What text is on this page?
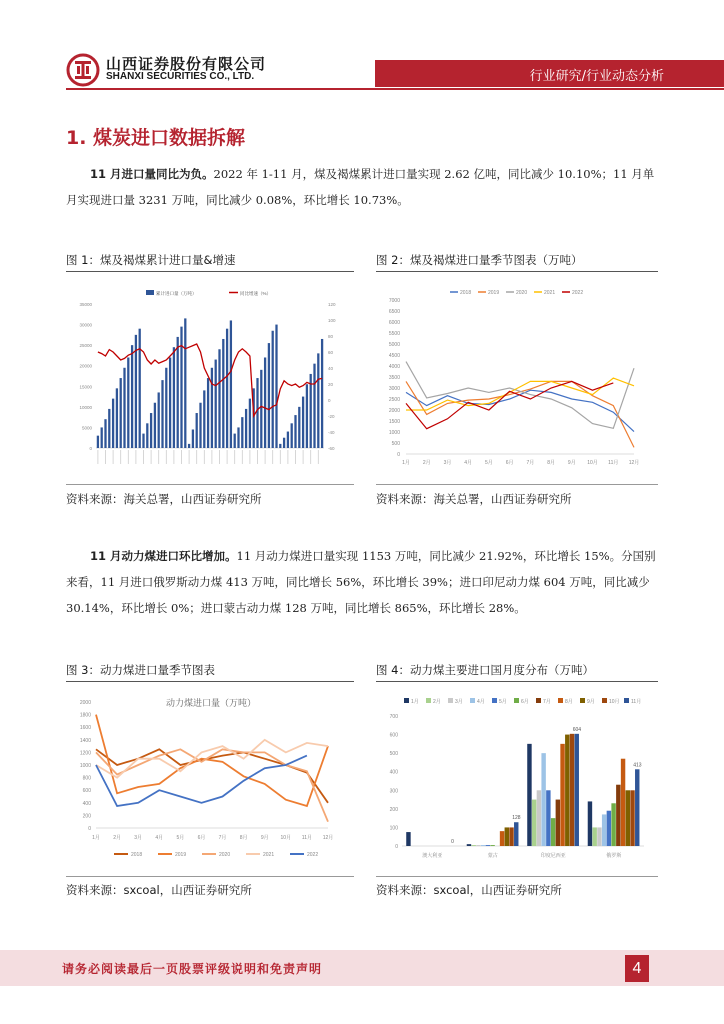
山西证券股份有限公司
SHANXI SECURITIES CO., LTD.	行业研究/行业动态分析
1. 煤炭进口数据拆解

11 月进口量同比为负。2022 年 1-11 月，煤及褐煤累计进口量实现 2.62 亿吨，同比减少 10.10%；11 月单月实现进口量 3231 万吨，同比减少 0.08%，环比增长 10.73%。

图 1：煤及褐煤累计进口量&增速	图 2：煤及褐煤进口量季节图表（万吨）
累计进口量（万吨）	同比增速（%）
0
5000
10000
15000
20000
25000
30000
35000
-60
-40
-20
0
20
40
60
80
100
120
2018	2019	2020	2021	2022
0
500
1000
1500
2000
2500
3000
3500
4000
4500
5000
5500
6000
6500
7000
1月	2月	3月	4月	5月	6月	7月	8月	9月 10月 11月 12月
资料来源：海关总署，山西证券研究所	资料来源：海关总署，山西证券研究所

11 月动力煤进口环比增加。11 月动力煤进口量实现 1153 万吨，同比减少 21.92%，环比增长 15%。分国别来看，11 月进口俄罗斯动力煤 413 万吨，同比增长 56%，环比增长 39%；进口印尼动力煤 604 万吨，同比减少 30.14%，环比增长 0%；进口蒙古动力煤 128 万吨，同比增长 865%，环比增长 28%。

图 3：动力煤进口量季节图表	图 4：动力煤主要进口国月度分布（万吨）
动力煤进口量（万吨）
0
200
400
600
800
1000
1200
1400
1600
1800
2000
1月	2月	3月	4月	5月	6月	7月	8月	9月 10月 11月 12月
2018	2019	2020	2021	2022
1月	2月	3月	4月	5月	6月	7月	8月	9月	10月 11月
0
100
200
300
400
500
600
700
澳大利亚	蒙古	印度尼西亚	俄罗斯
0
128
604
413
资料来源：sxcoal，山西证券研究所	资料来源：sxcoal，山西证券研究所
请务必阅读最后一页股票评级说明和免责声明	4
